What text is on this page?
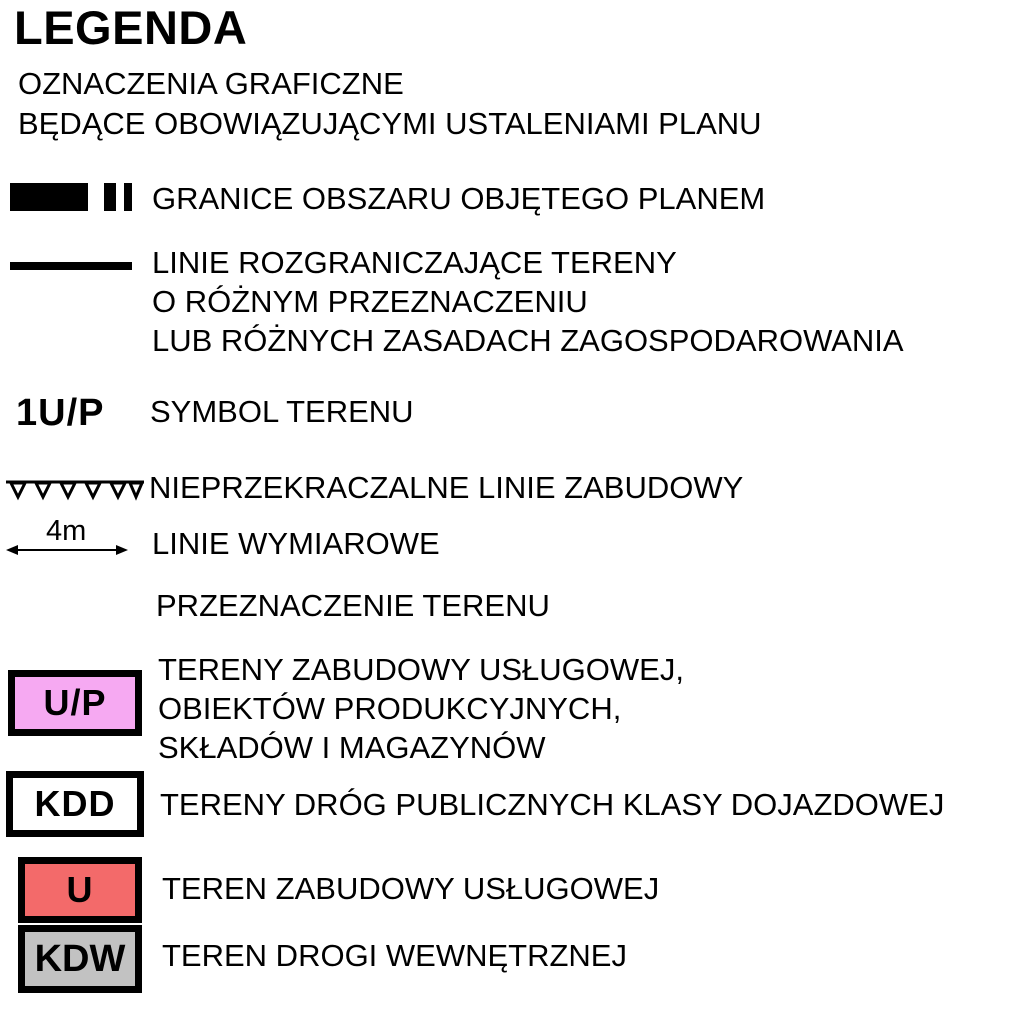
LEGENDA
OZNACZENIA GRAFICZNE
BĘDĄCE OBOWIĄZUJĄCYMI USTALENIAMI PLANU
GRANICE OBSZARU OBJĘTEGO PLANEM
LINIE ROZGRANICZAJĄCE TERENY
O RÓŻNYM PRZEZNACZENIU
LUB RÓŻNYCH ZASADACH ZAGOSPODAROWANIA
1U/P SYMBOL TERENU
NIEPRZEKRACZALNE LINIE ZABUDOWY
4m LINIE WYMIAROWE
PRZEZNACZENIE TERENU
U/P
TERENY ZABUDOWY USŁUGOWEJ,
OBIEKTÓW PRODUKCYJNYCH,
SKŁADÓW I MAGAZYNÓW
KDD TERENY DRÓG PUBLICZNYCH KLASY DOJAZDOWEJ
U TEREN ZABUDOWY USŁUGOWEJ
KDW TEREN DROGI WEWNĘTRZNEJ
